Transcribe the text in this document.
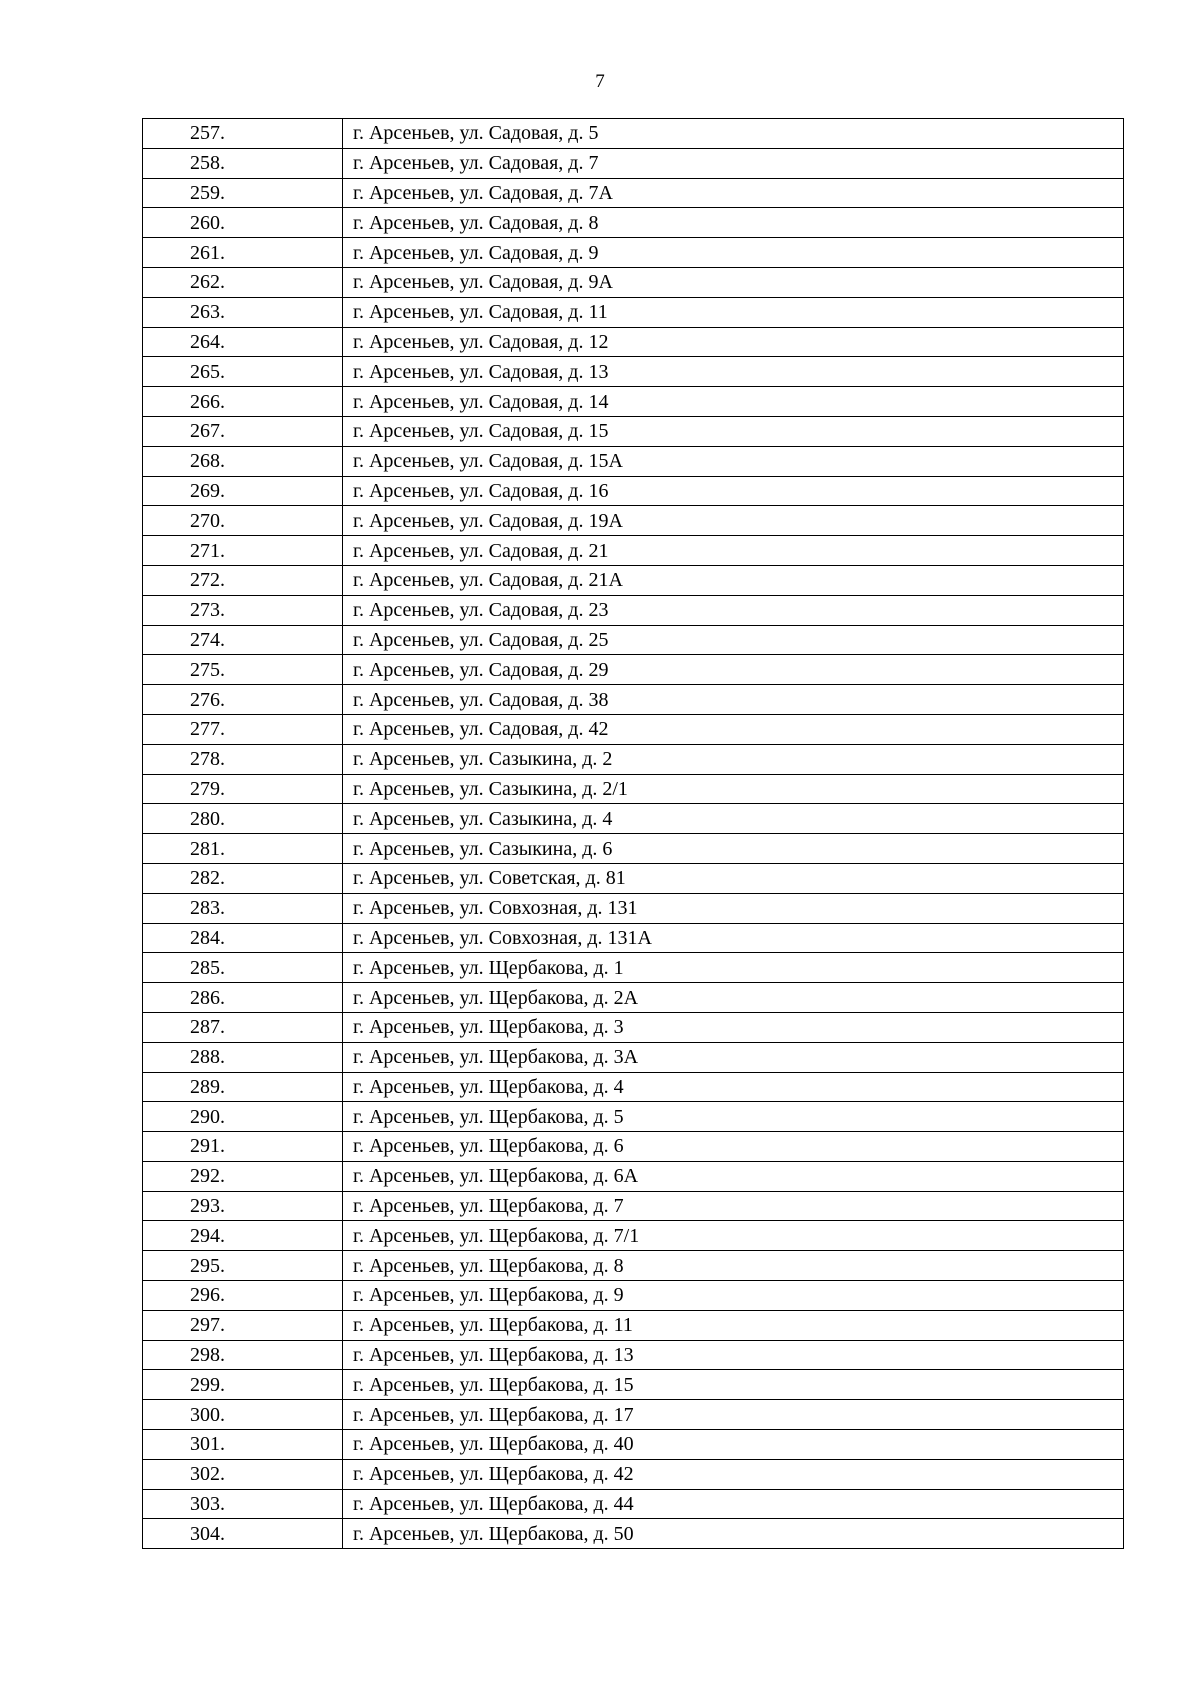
7
257.	г. Арсеньев, ул. Садовая, д. 5
258.	г. Арсеньев, ул. Садовая, д. 7
259.	г. Арсеньев, ул. Садовая, д. 7А
260.	г. Арсеньев, ул. Садовая, д. 8
261.	г. Арсеньев, ул. Садовая, д. 9
262.	г. Арсеньев, ул. Садовая, д. 9А
263.	г. Арсеньев, ул. Садовая, д. 11
264.	г. Арсеньев, ул. Садовая, д. 12
265.	г. Арсеньев, ул. Садовая, д. 13
266.	г. Арсеньев, ул. Садовая, д. 14
267.	г. Арсеньев, ул. Садовая, д. 15
268.	г. Арсеньев, ул. Садовая, д. 15А
269.	г. Арсеньев, ул. Садовая, д. 16
270.	г. Арсеньев, ул. Садовая, д. 19А
271.	г. Арсеньев, ул. Садовая, д. 21
272.	г. Арсеньев, ул. Садовая, д. 21А
273.	г. Арсеньев, ул. Садовая, д. 23
274.	г. Арсеньев, ул. Садовая, д. 25
275.	г. Арсеньев, ул. Садовая, д. 29
276.	г. Арсеньев, ул. Садовая, д. 38
277.	г. Арсеньев, ул. Садовая, д. 42
278.	г. Арсеньев, ул. Сазыкина, д. 2
279.	г. Арсеньев, ул. Сазыкина, д. 2/1
280.	г. Арсеньев, ул. Сазыкина, д. 4
281.	г. Арсеньев, ул. Сазыкина, д. 6
282.	г. Арсеньев, ул. Советская, д. 81
283.	г. Арсеньев, ул. Совхозная, д. 131
284.	г. Арсеньев, ул. Совхозная, д. 131А
285.	г. Арсеньев, ул. Щербакова, д. 1
286.	г. Арсеньев, ул. Щербакова, д. 2А
287.	г. Арсеньев, ул. Щербакова, д. 3
288.	г. Арсеньев, ул. Щербакова, д. 3А
289.	г. Арсеньев, ул. Щербакова, д. 4
290.	г. Арсеньев, ул. Щербакова, д. 5
291.	г. Арсеньев, ул. Щербакова, д. 6
292.	г. Арсеньев, ул. Щербакова, д. 6А
293.	г. Арсеньев, ул. Щербакова, д. 7
294.	г. Арсеньев, ул. Щербакова, д. 7/1
295.	г. Арсеньев, ул. Щербакова, д. 8
296.	г. Арсеньев, ул. Щербакова, д. 9
297.	г. Арсеньев, ул. Щербакова, д. 11
298.	г. Арсеньев, ул. Щербакова, д. 13
299.	г. Арсеньев, ул. Щербакова, д. 15
300.	г. Арсеньев, ул. Щербакова, д. 17
301.	г. Арсеньев, ул. Щербакова, д. 40
302.	г. Арсеньев, ул. Щербакова, д. 42
303.	г. Арсеньев, ул. Щербакова, д. 44
304.	г. Арсеньев, ул. Щербакова, д. 50
